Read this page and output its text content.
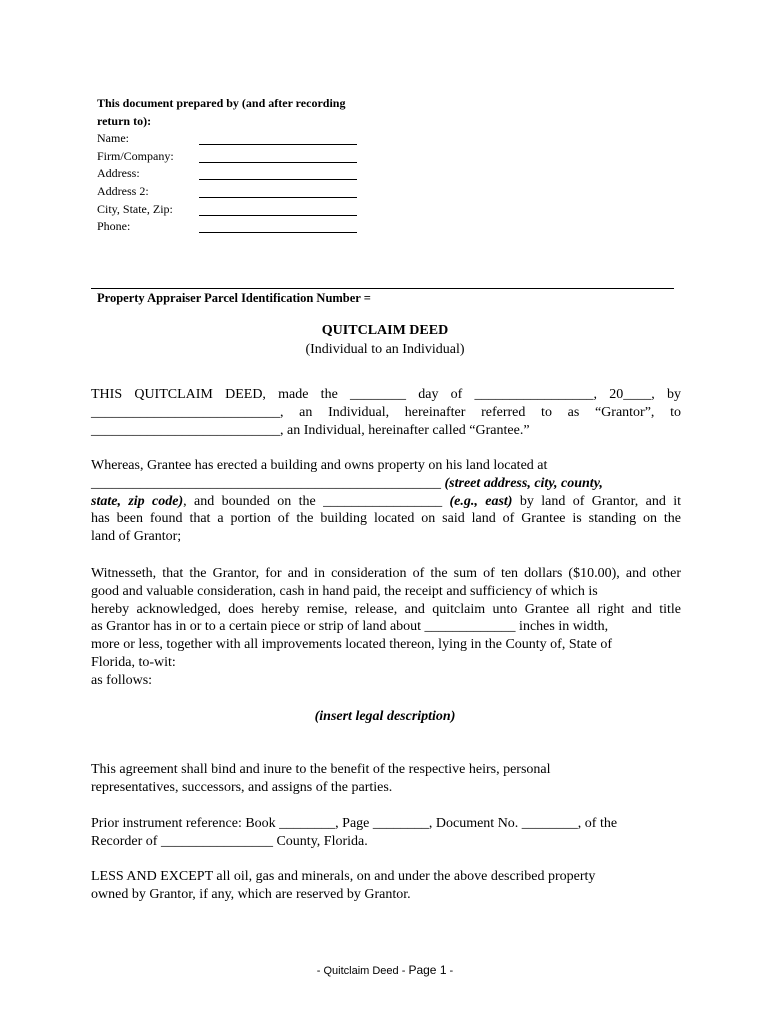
This document prepared by (and after recording
return to):
Name:
Firm/Company:
Address:
Address 2:
City, State, Zip:
Phone:
Property Appraiser Parcel Identification Number =
QUITCLAIM DEED
(Individual to an Individual)
THIS QUITCLAIM DEED, made the ________ day of _________________, 20____, by
___________________________, an Individual, hereinafter referred to as “Grantor”, to
___________________________, an Individual, hereinafter called “Grantee.”
Whereas, Grantee has erected a building and owns property on his land located at
__________________________________________________ (street address, city, county,
state, zip code), and bounded on the _________________ (e.g., east) by land of Grantor, and it
has been found that a portion of the building located on said land of Grantee is standing on the
land of Grantor;
Witnesseth, that the Grantor, for and in consideration of the sum of ten dollars ($10.00), and other
good and valuable consideration, cash in hand paid, the receipt and sufficiency of which is
hereby acknowledged, does hereby remise, release, and quitclaim unto Grantee all right and title
as Grantor has in or to a certain piece or strip of land about _____________ inches in width,
more or less, together with all improvements located thereon, lying in the County of, State of
Florida, to-wit:
as follows:
(insert legal description)
This agreement shall bind and inure to the benefit of the respective heirs, personal
representatives, successors, and assigns of the parties.
Prior instrument reference: Book ________, Page ________, Document No. ________, of the
Recorder of ________________ County, Florida.
LESS AND EXCEPT all oil, gas and minerals, on and under the above described property
owned by Grantor, if any, which are reserved by Grantor.
- Quitclaim Deed - Page 1 -
